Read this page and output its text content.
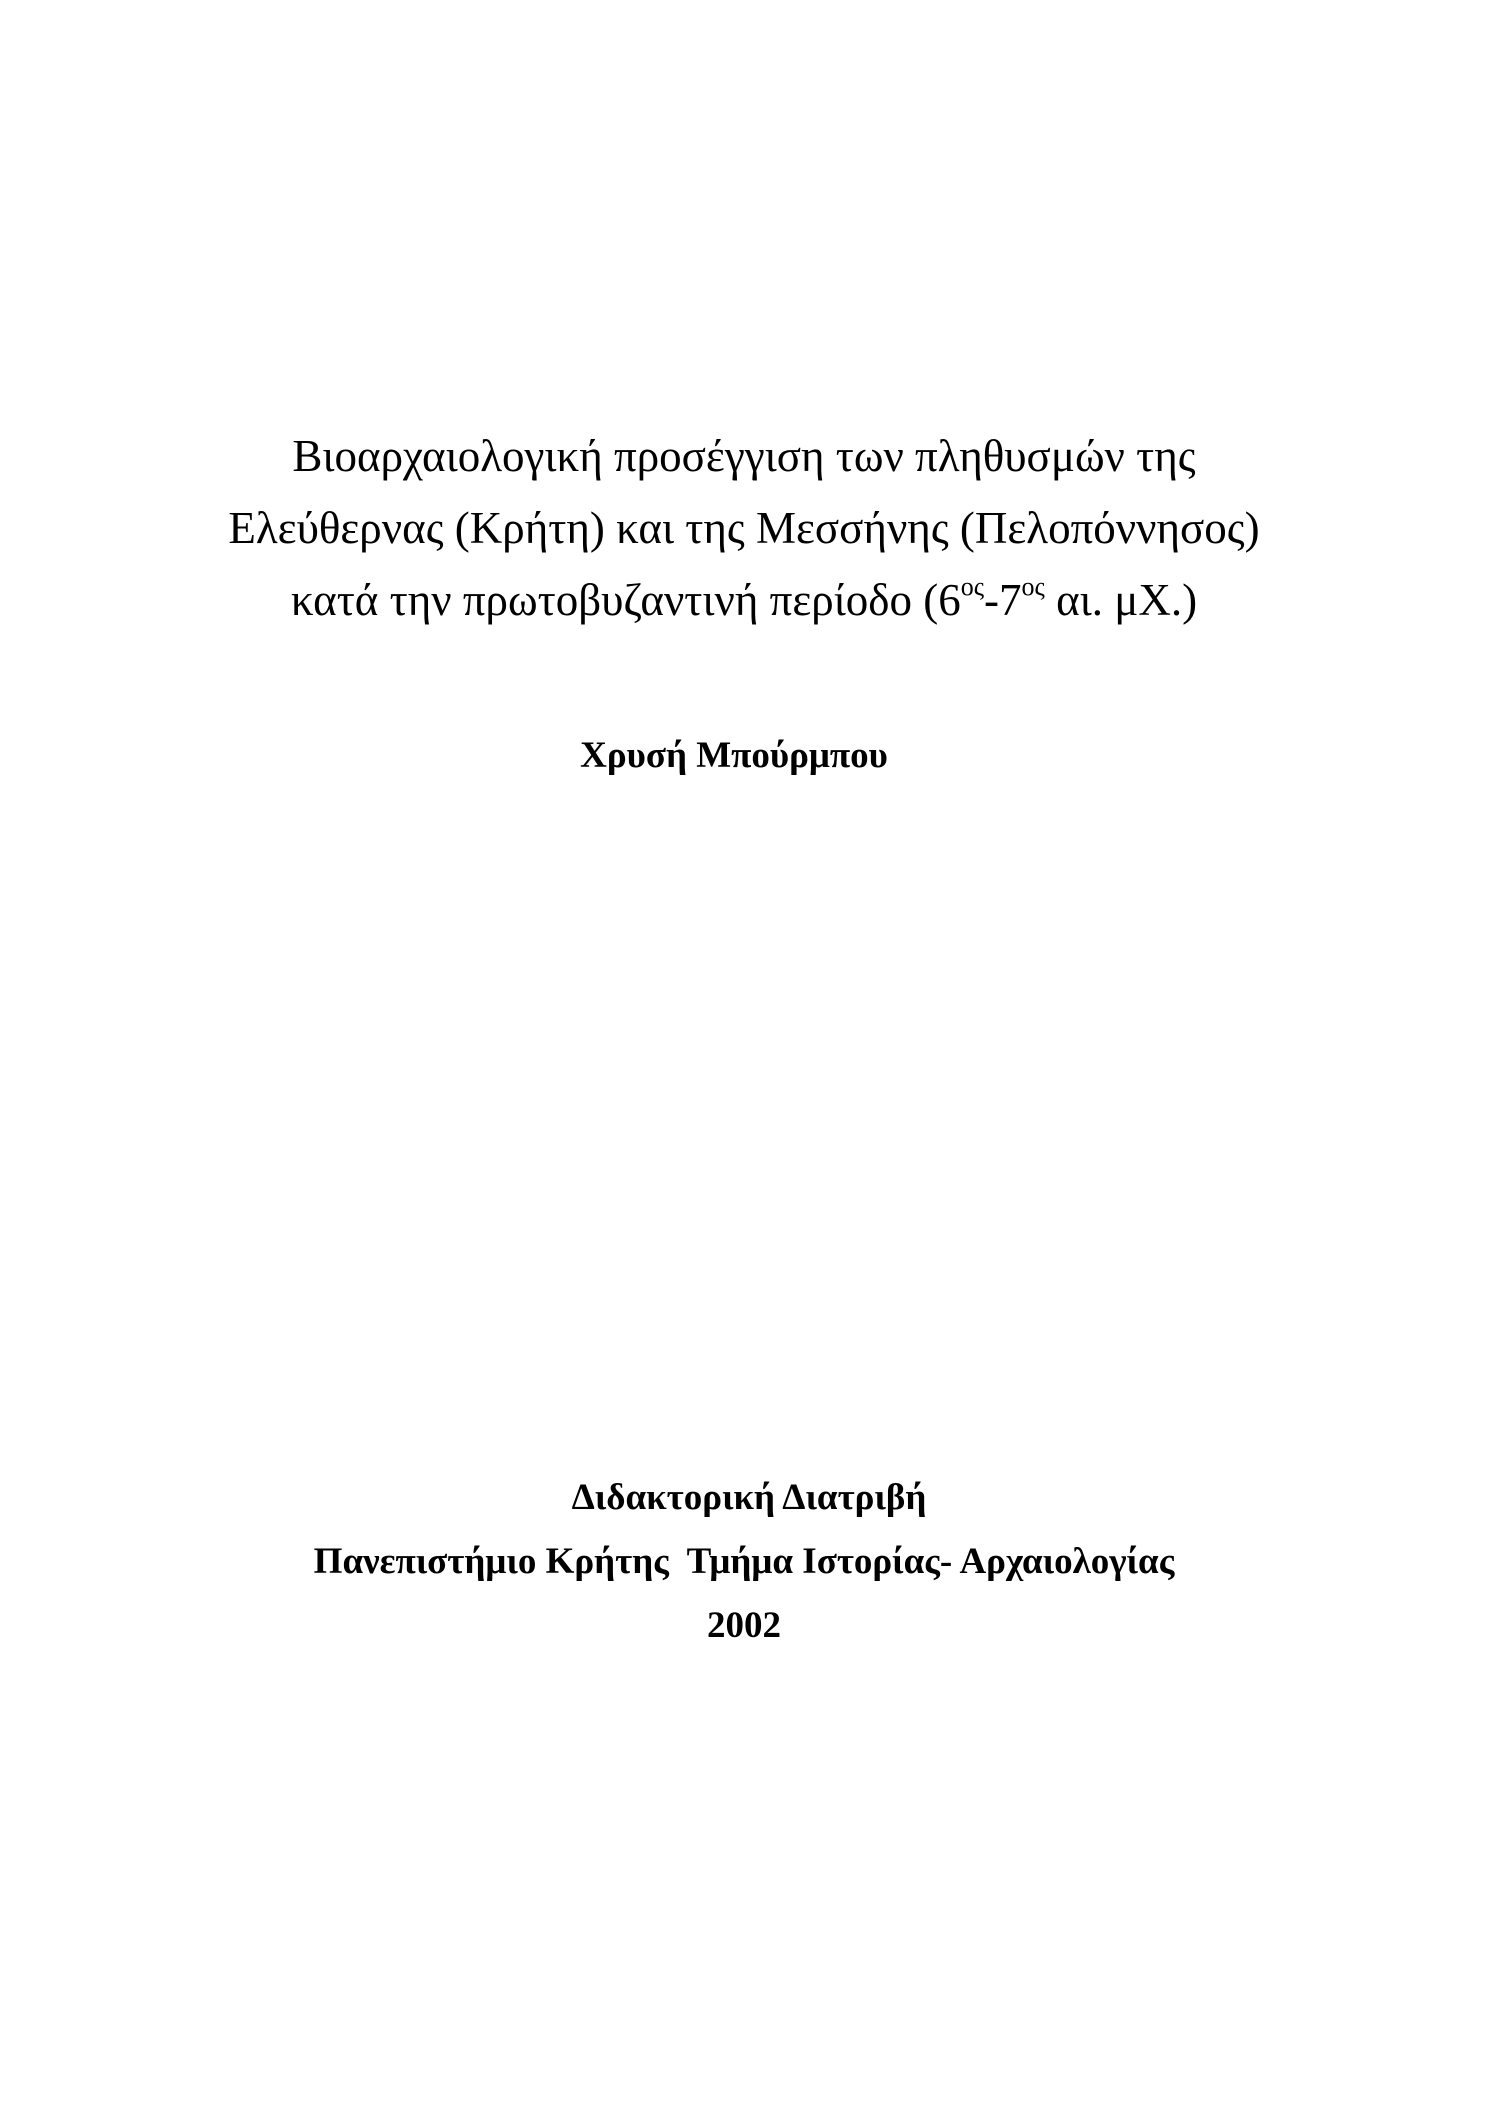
Βιοαρχαιολογική προσέγγιση των πληθυσμών της
Ελεύθερνας (Κρήτη) και της Μεσσήνης (Πελοπόννησος)
κατά την πρωτοβυζαντινή περίοδο ($6^{o\varsigma}-7^{o\varsigma}$ αι. μΧ.)
Χρυσή Μπούρμπου
Διδακτορική Διατριβή
Πανεπιστήμιο Κρήτης  Τμήμα Ιστορίας- Αρχαιολογίας
2002
